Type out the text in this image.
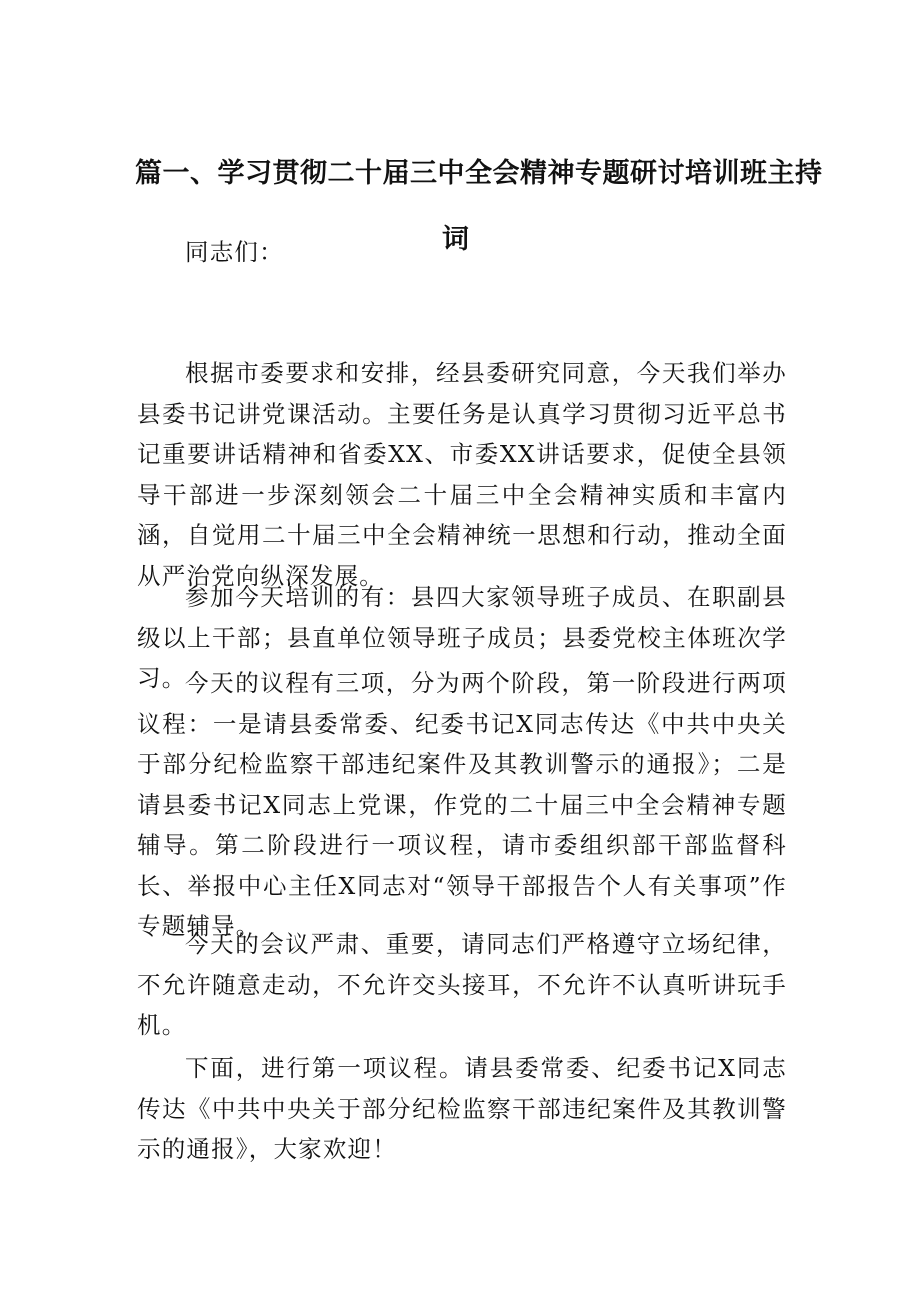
篇一、学习贯彻二十届三中全会精神专题研讨培训班主持
词

同志们：

根据市委要求和安排，经县委研究同意，今天我们举办县委书记讲党课活动。主要任务是认真学习贯彻习近平总书记重要讲话精神和省委XX、市委XX讲话要求，促使全县领导干部进一步深刻领会二十届三中全会精神实质和丰富内涵，自觉用二十届三中全会精神统一思想和行动，推动全面从严治党向纵深发展。

参加今天培训的有：县四大家领导班子成员、在职副县级以上干部；县直单位领导班子成员；县委党校主体班次学习。

今天的议程有三项，分为两个阶段，第一阶段进行两项议程：一是请县委常委、纪委书记X同志传达《中共中央关于部分纪检监察干部违纪案件及其教训警示的通报》；二是请县委书记X同志上党课，作党的二十届三中全会精神专题辅导。第二阶段进行一项议程，请市委组织部干部监督科长、举报中心主任X同志对“领导干部报告个人有关事项”作专题辅导。

今天的会议严肃、重要，请同志们严格遵守立场纪律，不允许随意走动，不允许交头接耳，不允许不认真听讲玩手机。

下面，进行第一项议程。请县委常委、纪委书记X同志传达《中共中央关于部分纪检监察干部违纪案件及其教训警示的通报》，大家欢迎！
